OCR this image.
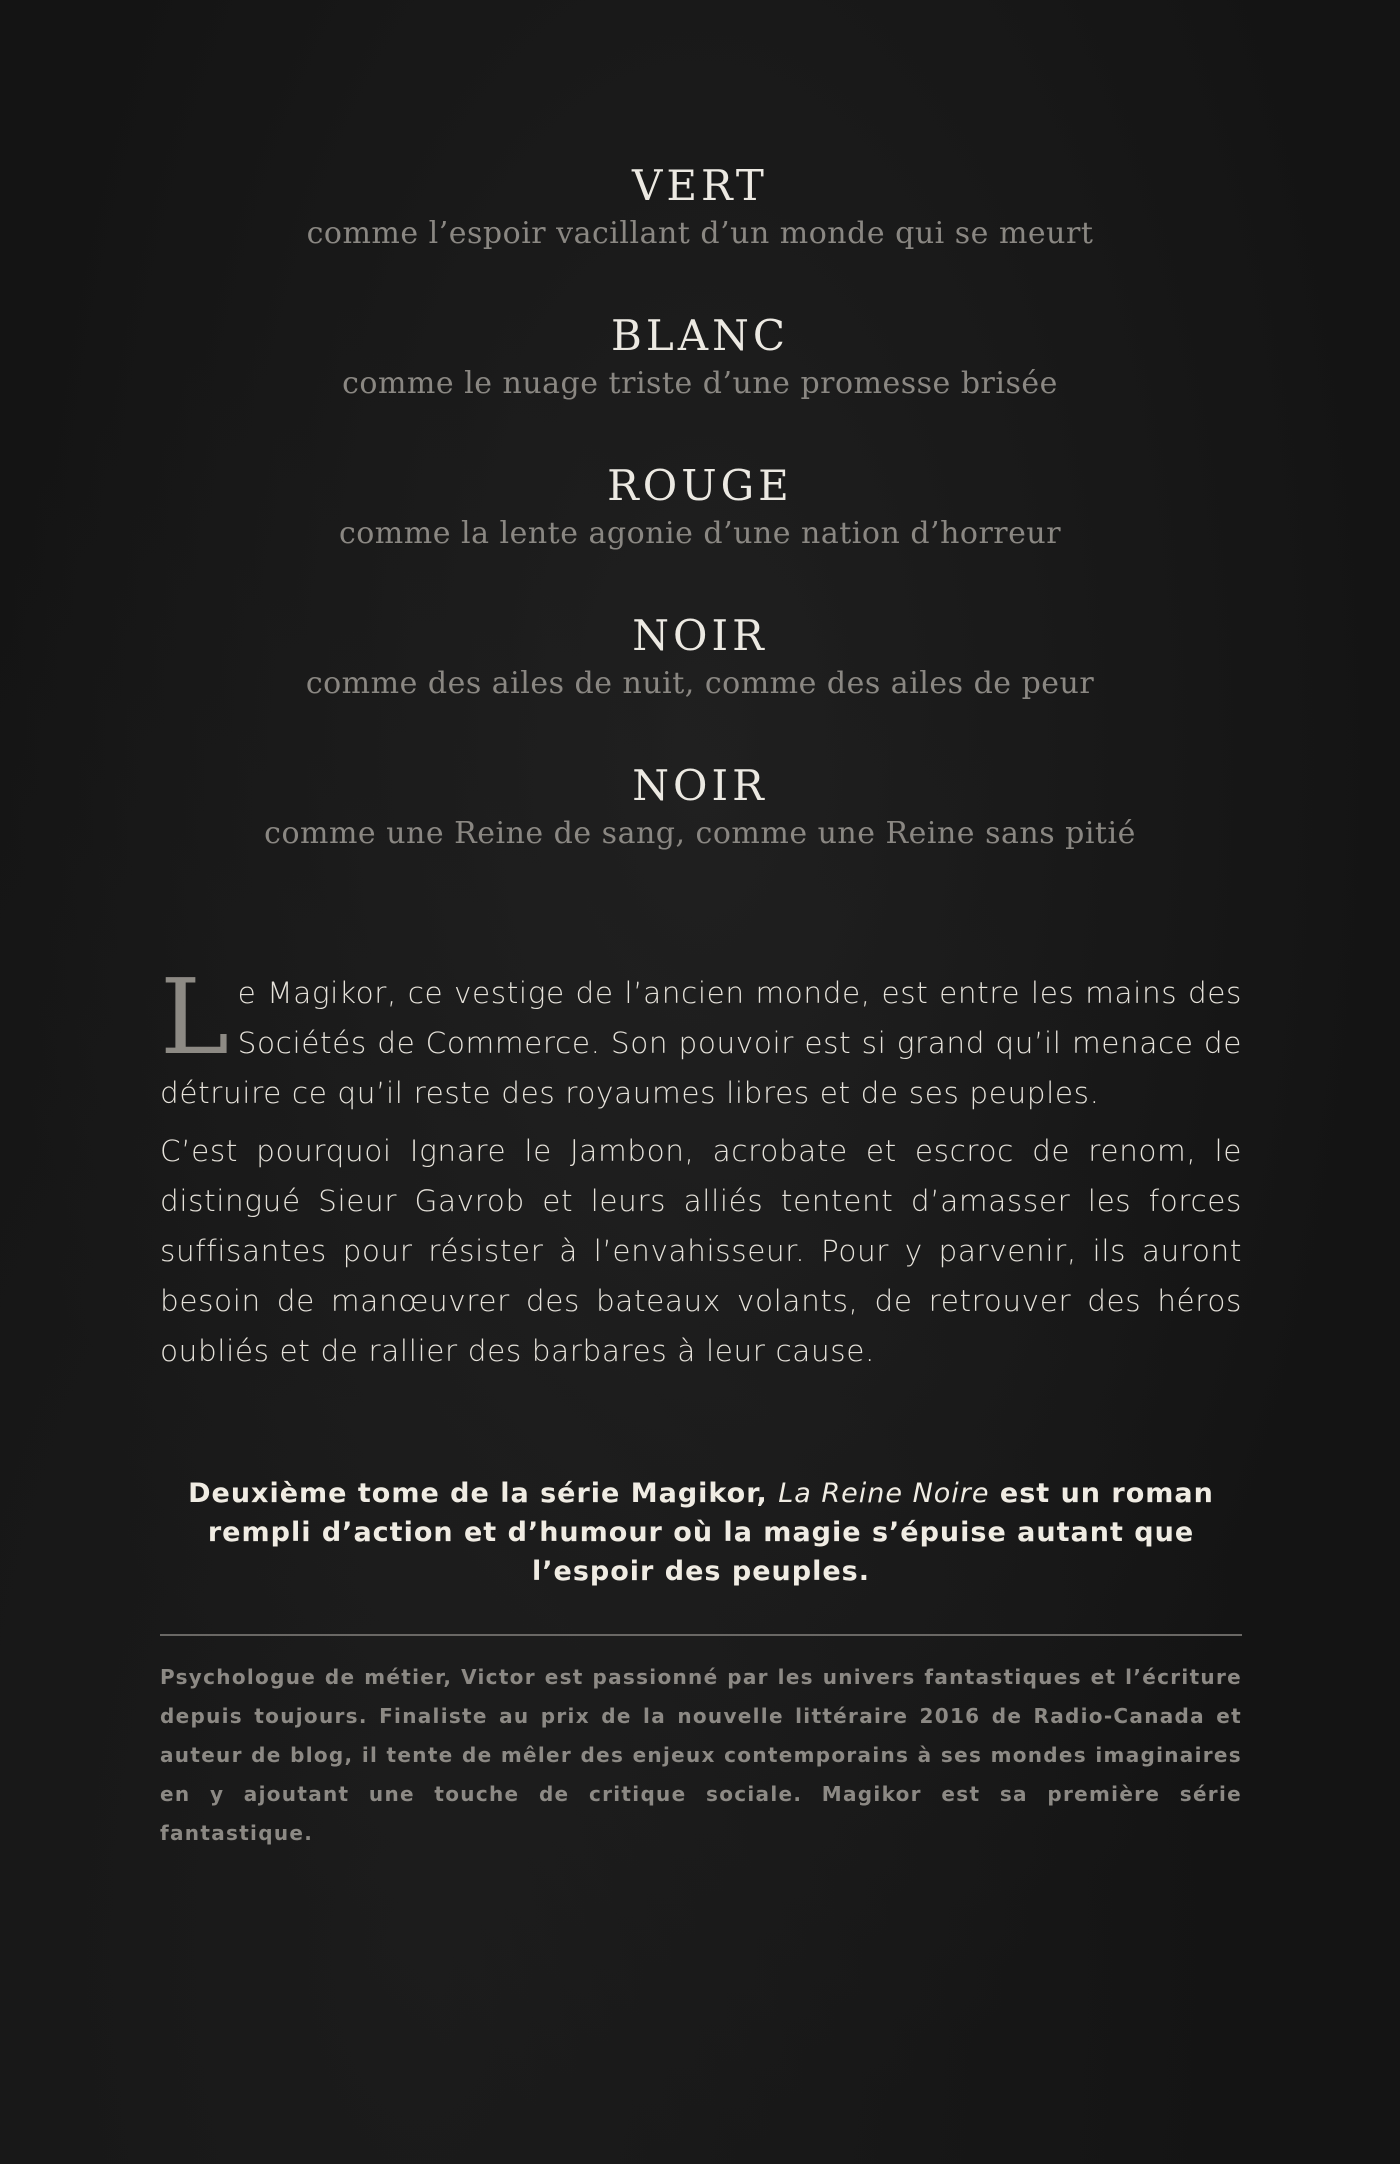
VERT

comme l’espoir vacillant d’un monde qui se meurt

BLANC

comme le nuage triste d’une promesse brisée

ROUGE

comme la lente agonie d’une nation d’horreur

NOIR

comme des ailes de nuit, comme des ailes de peur

NOIR

comme une Reine de sang, comme une Reine sans pitié

Le Magikor, ce vestige de l’ancien monde, est entre les mains des Sociétés de Commerce. Son pouvoir est si grand qu’il menace de détruire ce qu’il reste des royaumes libres et de ses peuples.

C’est pourquoi Ignare le Jambon, acrobate et escroc de renom, le distingué Sieur Gavrob et leurs alliés tentent d’amasser les forces suffisantes pour résister à l’envahisseur. Pour y parvenir, ils auront besoin de manœuvrer des bateaux volants, de retrouver des héros oubliés et de rallier des barbares à leur cause.

Deuxième tome de la série Magikor, La Reine Noire est un roman rempli d’action et d’humour où la magie s’épuise autant que l’espoir des peuples.
Psychologue de métier, Victor est passionné par les univers fantastiques et l’écriture depuis toujours. Finaliste au prix de la nouvelle littéraire 2016 de Radio-Canada et auteur de blog, il tente de mêler des enjeux contemporains à ses mondes imaginaires en y ajoutant une touche de critique sociale. Magikor est sa première série fantastique.
